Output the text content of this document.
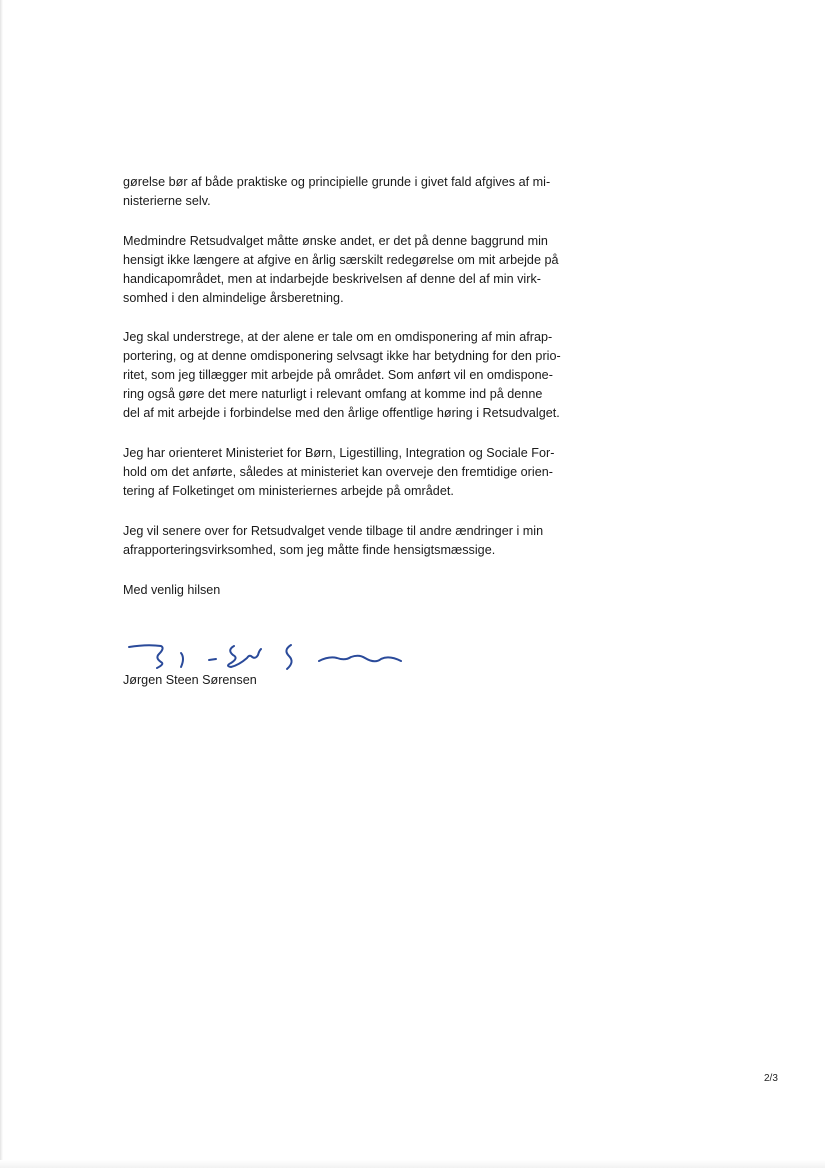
gørelse bør af både praktiske og principielle grunde i givet fald afgives af mi-
nisterierne selv.

Medmindre Retsudvalget måtte ønske andet, er det på denne baggrund min
hensigt ikke længere at afgive en årlig særskilt redegørelse om mit arbejde på
handicapområdet, men at indarbejde beskrivelsen af denne del af min virk-
somhed i den almindelige årsberetning.

Jeg skal understrege, at der alene er tale om en omdisponering af min afrap-
portering, og at denne omdisponering selvsagt ikke har betydning for den prio-
ritet, som jeg tillægger mit arbejde på området. Som anført vil en omdispone-
ring også gøre det mere naturligt i relevant omfang at komme ind på denne
del af mit arbejde i forbindelse med den årlige offentlige høring i Retsudvalget.

Jeg har orienteret Ministeriet for Børn, Ligestilling, Integration og Sociale For-
hold om det anførte, således at ministeriet kan overveje den fremtidige orien-
tering af Folketinget om ministeriernes arbejde på området.

Jeg vil senere over for Retsudvalget vende tilbage til andre ændringer i min
afrapporteringsvirksomhed, som jeg måtte finde hensigtsmæssige.

Med venlig hilsen

Jørgen Steen Sørensen
2/3
